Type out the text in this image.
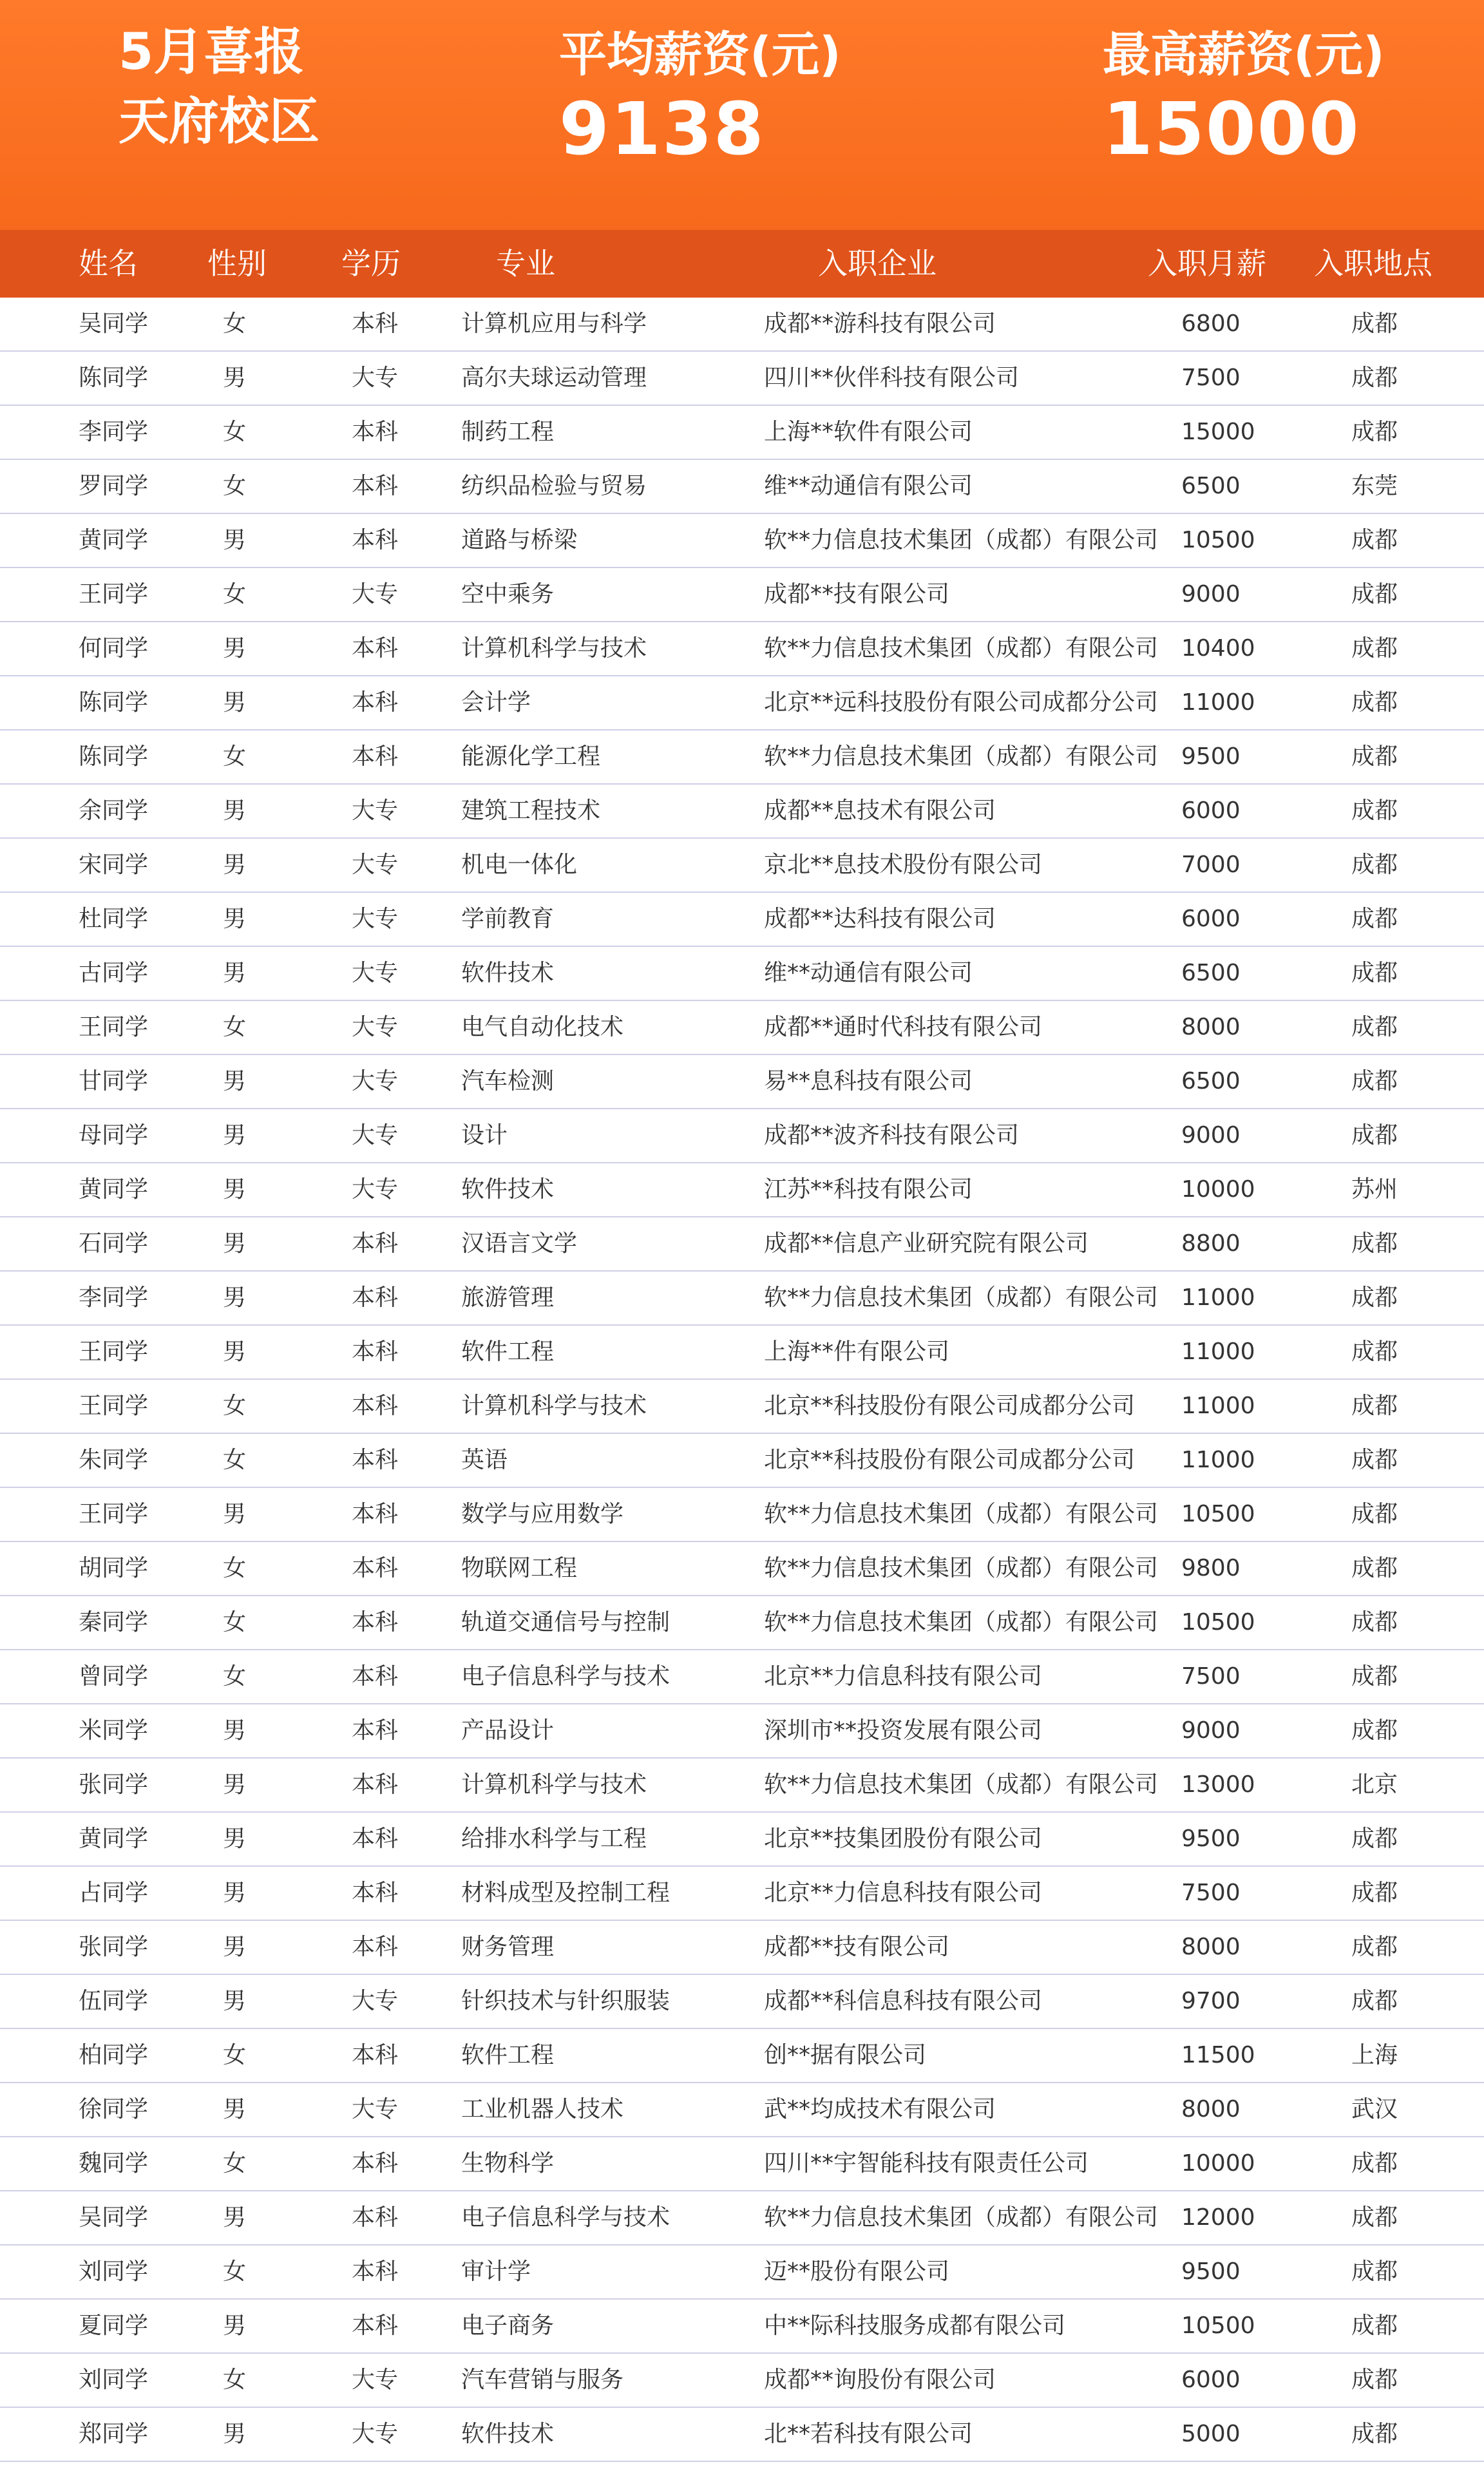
5月喜报
天府校区
平均薪资(元)
9138
最高薪资(元)
15000
姓名 性别	学历	专业	入职企业	入职月薪 入职地点
吴同学	女	本科	计算机应用与科学	成都**游科技有限公司	6800	成都
陈同学	男	大专	高尔夫球运动管理	四川**伙伴科技有限公司	7500	成都
李同学	女	本科	制药工程	上海**软件有限公司	15000	成都
罗同学	女	本科	纺织品检验与贸易	维**动通信有限公司	6500	东莞
黄同学	男	本科	道路与桥梁	软**力信息技术集团（成都）有限公司 10500	成都
王同学	女	大专	空中乘务	成都**技有限公司	9000	成都
何同学	男	本科	计算机科学与技术	软**力信息技术集团（成都）有限公司 10400	成都
陈同学	男	本科	会计学	北京**远科技股份有限公司成都分公司 11000	成都
陈同学	女	本科	能源化学工程	软**力信息技术集团（成都）有限公司 9500	成都
余同学	男	大专	建筑工程技术	成都**息技术有限公司	6000	成都
宋同学	男	大专	机电一体化	京北**息技术股份有限公司	7000	成都
杜同学	男	大专	学前教育	成都**达科技有限公司	6000	成都
古同学	男	大专	软件技术	维**动通信有限公司	6500	成都
王同学	女	大专	电气自动化技术	成都**通时代科技有限公司	8000	成都
甘同学	男	大专	汽车检测	易**息科技有限公司	6500	成都
母同学	男	大专	设计	成都**波齐科技有限公司	9000	成都
黄同学	男	大专	软件技术	江苏**科技有限公司	10000	苏州
石同学	男	本科	汉语言文学	成都**信息产业研究院有限公司	8800	成都
李同学	男	本科	旅游管理	软**力信息技术集团（成都）有限公司 11000	成都
王同学	男	本科	软件工程	上海**件有限公司	11000	成都
王同学	女	本科	计算机科学与技术	北京**科技股份有限公司成都分公司 11000	成都
朱同学	女	本科	英语	北京**科技股份有限公司成都分公司 11000	成都
王同学	男	本科	数学与应用数学	软**力信息技术集团（成都）有限公司 10500	成都
胡同学	女	本科	物联网工程	软**力信息技术集团（成都）有限公司 9800	成都
秦同学	女	本科	轨道交通信号与控制	软**力信息技术集团（成都）有限公司 10500	成都
曾同学	女	本科	电子信息科学与技术	北京**力信息科技有限公司	7500	成都
米同学	男	本科	产品设计	深圳市**投资发展有限公司	9000	成都
张同学	男	本科	计算机科学与技术	软**力信息技术集团（成都）有限公司 13000	北京
黄同学	男	本科	给排水科学与工程	北京**技集团股份有限公司	9500	成都
占同学	男	本科	材料成型及控制工程	北京**力信息科技有限公司	7500	成都
张同学	男	本科	财务管理	成都**技有限公司	8000	成都
伍同学	男	大专	针织技术与针织服装	成都**科信息科技有限公司	9700	成都
柏同学	女	本科	软件工程	创**据有限公司	11500	上海
徐同学	男	大专	工业机器人技术	武**均成技术有限公司	8000	武汉
魏同学	女	本科	生物科学	四川**宇智能科技有限责任公司	10000	成都
吴同学	男	本科	电子信息科学与技术	软**力信息技术集团（成都）有限公司 12000	成都
刘同学	女	本科	审计学	迈**股份有限公司	9500	成都
夏同学	男	本科	电子商务	中**际科技服务成都有限公司	10500	成都
刘同学	女	大专	汽车营销与服务	成都**询股份有限公司	6000	成都
郑同学	男	大专	软件技术	北**若科技有限公司	5000	成都
